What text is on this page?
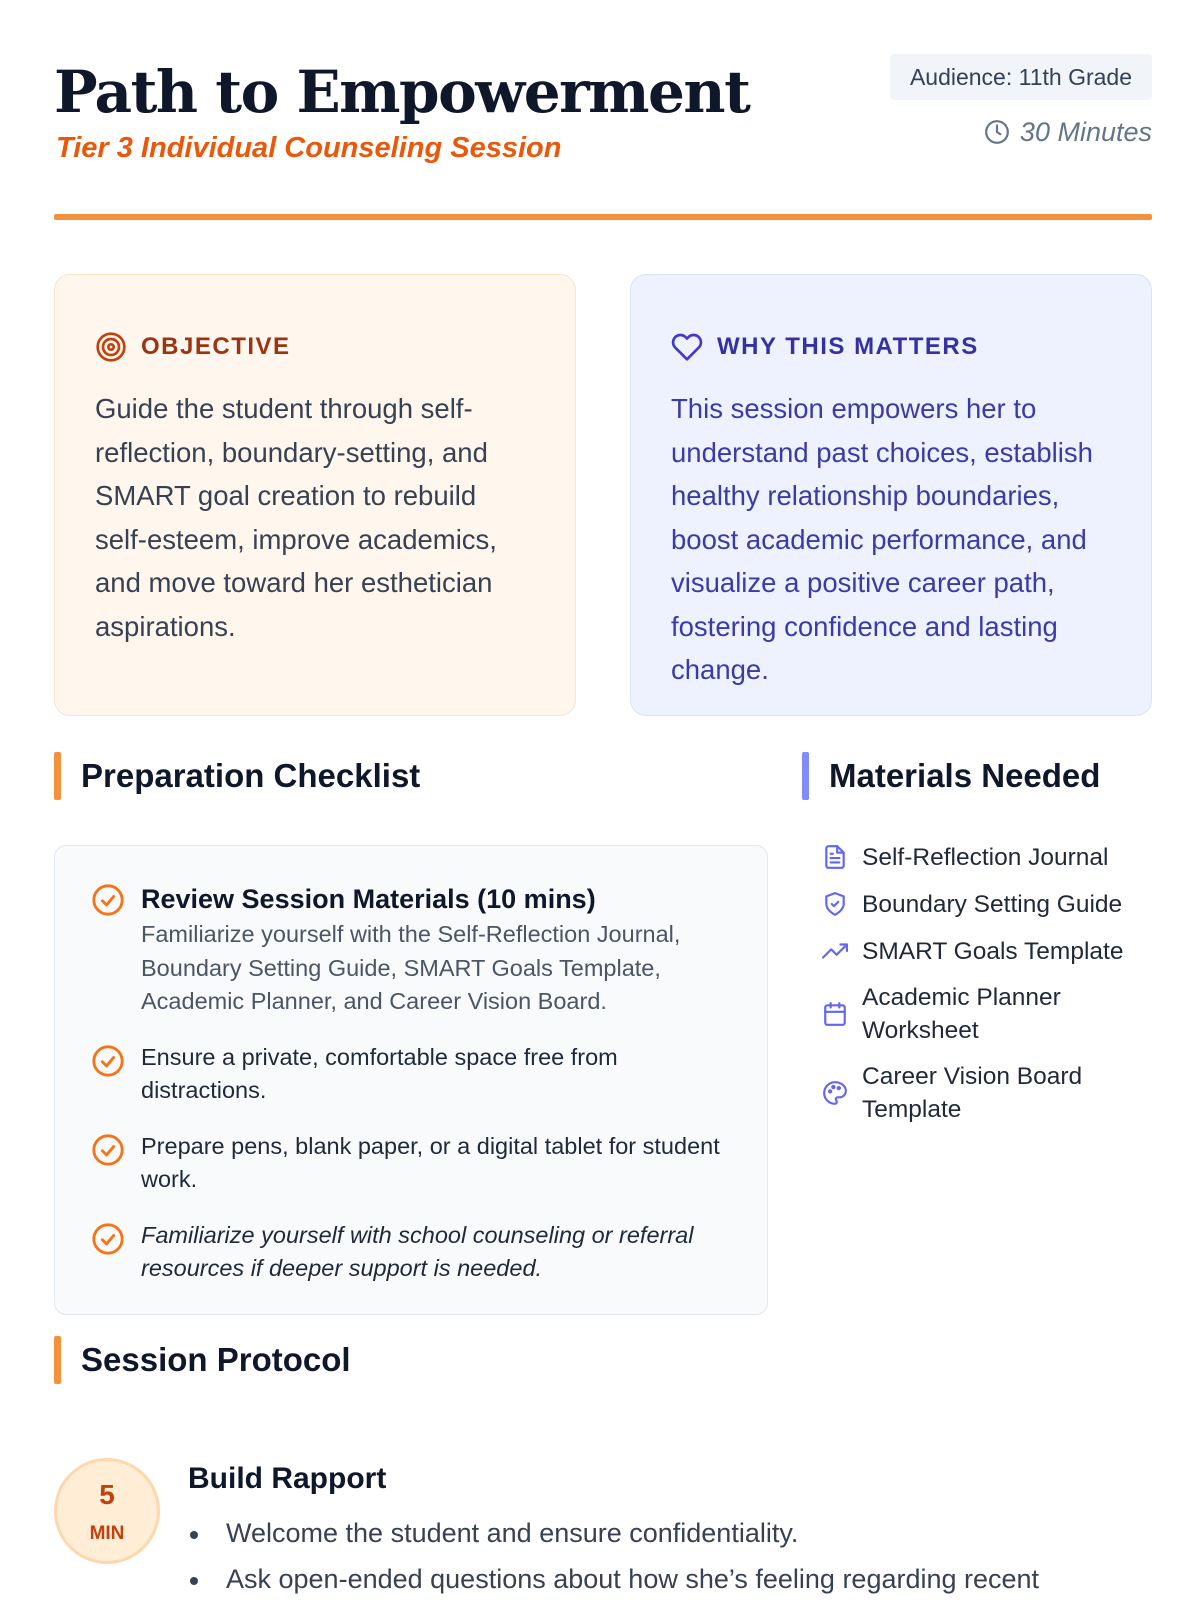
Path to Empowerment
Tier 3 Individual Counseling Session
Audience: 11th Grade
30 Minutes
OBJECTIVE

Guide the student through self-reflection, boundary-setting, and SMART goal creation to rebuild self-esteem, improve academics, and move toward her esthetician aspirations.

WHY THIS MATTERS

This session empowers her to understand past choices, establish healthy relationship boundaries, boost academic performance, and visualize a positive career path, fostering confidence and lasting change.

Preparation Checklist	Materials Needed
Review Session Materials (10 mins)
Familiarize yourself with the Self-Reflection Journal, Boundary Setting Guide, SMART Goals Template, Academic Planner, and Career Vision Board.
Ensure a private, comfortable space free from distractions.
Prepare pens, blank paper, or a digital tablet for student work.
Familiarize yourself with school counseling or referral resources if deeper support is needed.
Self-Reflection Journal
Boundary Setting Guide
SMART Goals Template
Academic Planner Worksheet
Career Vision Board Template
Session Protocol
5
MIN
Build Rapport
Welcome the student and ensure confidentiality.
Ask open-ended questions about how she’s feeling regarding recent
